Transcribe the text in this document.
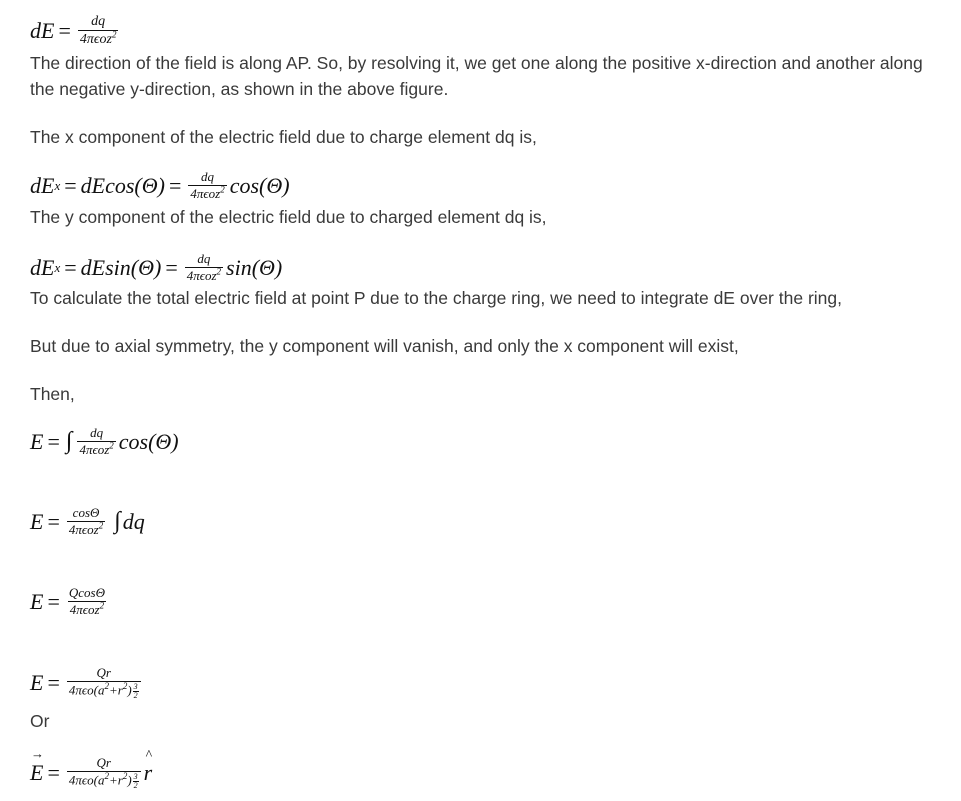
dE = $\frac{dq}{4\pi\epsilon oz^2}$

The direction of the field is along AP. So, by resolving it, we get one along the positive x-direction and another along the negative y-direction, as shown in the above figure.

The x component of the electric field due to charge element dq is,

dE $x = dEcos(\Theta) = \frac{dq}{4\pi\epsilon oz^2} \cos(\Theta)$

The y component of the electric field due to charged element dq is,

dE $x = dEsin(\Theta) = \frac{dq}{4\pi\epsilon oz^2} \sin(\Theta)$

To calculate the total electric field at point P due to the charge ring, we need to integrate dE over the ring,

But due to axial symmetry, the y component will vanish, and only the x component will exist,

Then,

E = ∫ $\frac{dq}{4\pi\epsilon oz^2} \cos(\Theta)$
$E = \frac{\cos\Theta}{4\pi\epsilon oz^2}$ ∫ dq
$E = \frac{Qcos\Theta}{4\pi\epsilon oz^2}$
$E = \frac{Qr}{4\pi\epsilon o(a^2+r^2) \frac{3}{2}}$

Or

→ $E = \frac{Qr}{4\pi\epsilon o(a^2+r^2) \frac{3}{2}}$
^ r
